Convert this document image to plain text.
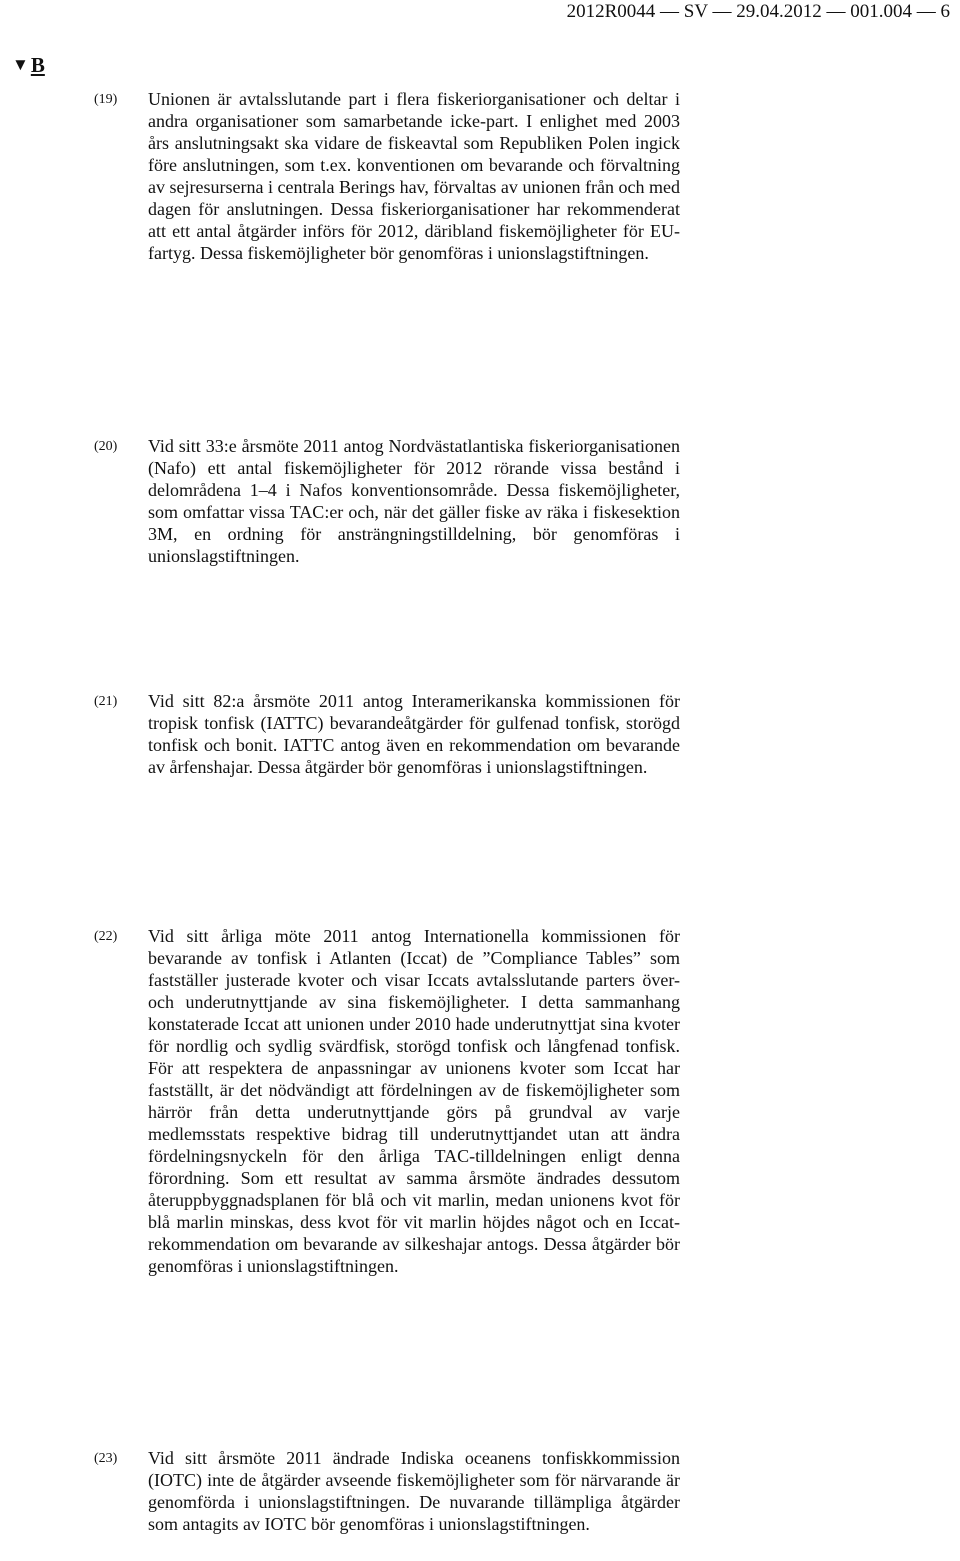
2012R0044 — SV — 29.04.2012 — 001.004 — 6
▼B
(19)	Unionen är avtalsslutande part i flera fiskeriorganisationer och deltar i andra organisationer som samarbetande icke-part. I enlighet med 2003 års anslutningsakt ska vidare de fiskeavtal som Republiken Polen ingick före anslutningen, som t.ex. konventionen om bevarande och förvaltning av sejresurserna i centrala Berings hav, förvaltas av unionen från och med dagen för anslutningen. Dessa fiskeriorganisationer har rekommenderat att ett antal åtgärder införs för 2012, däribland fiskemöjligheter för EU-fartyg. Dessa fiskemöjligheter bör genomföras i unionslagstiftningen.
(20)	Vid sitt 33:e årsmöte 2011 antog Nordvästatlantiska fiskeriorganisationen (Nafo) ett antal fiskemöjligheter för 2012 rörande vissa bestånd i delområdena 1–4 i Nafos konventionsområde. Dessa fiskemöjligheter, som omfattar vissa TAC:er och, när det gäller fiske av räka i fiskesektion 3M, en ordning för ansträngningstilldelning, bör genomföras i unionslagstiftningen.
(21)	Vid sitt 82:a årsmöte 2011 antog Interamerikanska kommissionen för tropisk tonfisk (IATTC) bevarandeåtgärder för gulfenad tonfisk, storögd tonfisk och bonit. IATTC antog även en rekommendation om bevarande av årfenshajar. Dessa åtgärder bör genomföras i unionslagstiftningen.
(22)	Vid sitt årliga möte 2011 antog Internationella kommissionen för bevarande av tonfisk i Atlanten (Iccat) de ”Compliance Tables” som fastställer justerade kvoter och visar Iccats avtalsslutande parters över- och underutnyttjande av sina fiskemöjligheter. I detta sammanhang konstaterade Iccat att unionen under 2010 hade underutnyttjat sina kvoter för nordlig och sydlig svärdfisk, storögd tonfisk och långfenad tonfisk. För att respektera de anpassningar av unionens kvoter som Iccat har fastställt, är det nödvändigt att fördelningen av de fiskemöjligheter som härrör från detta underutnyttjande görs på grundval av varje medlemsstats respektive bidrag till underutnyttjandet utan att ändra fördelningsnyckeln för den årliga TAC-tilldelningen enligt denna förordning. Som ett resultat av samma årsmöte ändrades dessutom återuppbyggnadsplanen för blå och vit marlin, medan unionens kvot för blå marlin minskas, dess kvot för vit marlin höjdes något och en Iccat-rekommendation om bevarande av silkeshajar antogs. Dessa åtgärder bör genomföras i unionslagstiftningen.
(23)	Vid sitt årsmöte 2011 ändrade Indiska oceanens tonfiskkommission (IOTC) inte de åtgärder avseende fiskemöjligheter som för närvarande är genomförda i unionslagstiftningen. De nuvarande tillämpliga åtgärder som antagits av IOTC bör genomföras i unionslagstiftningen.
